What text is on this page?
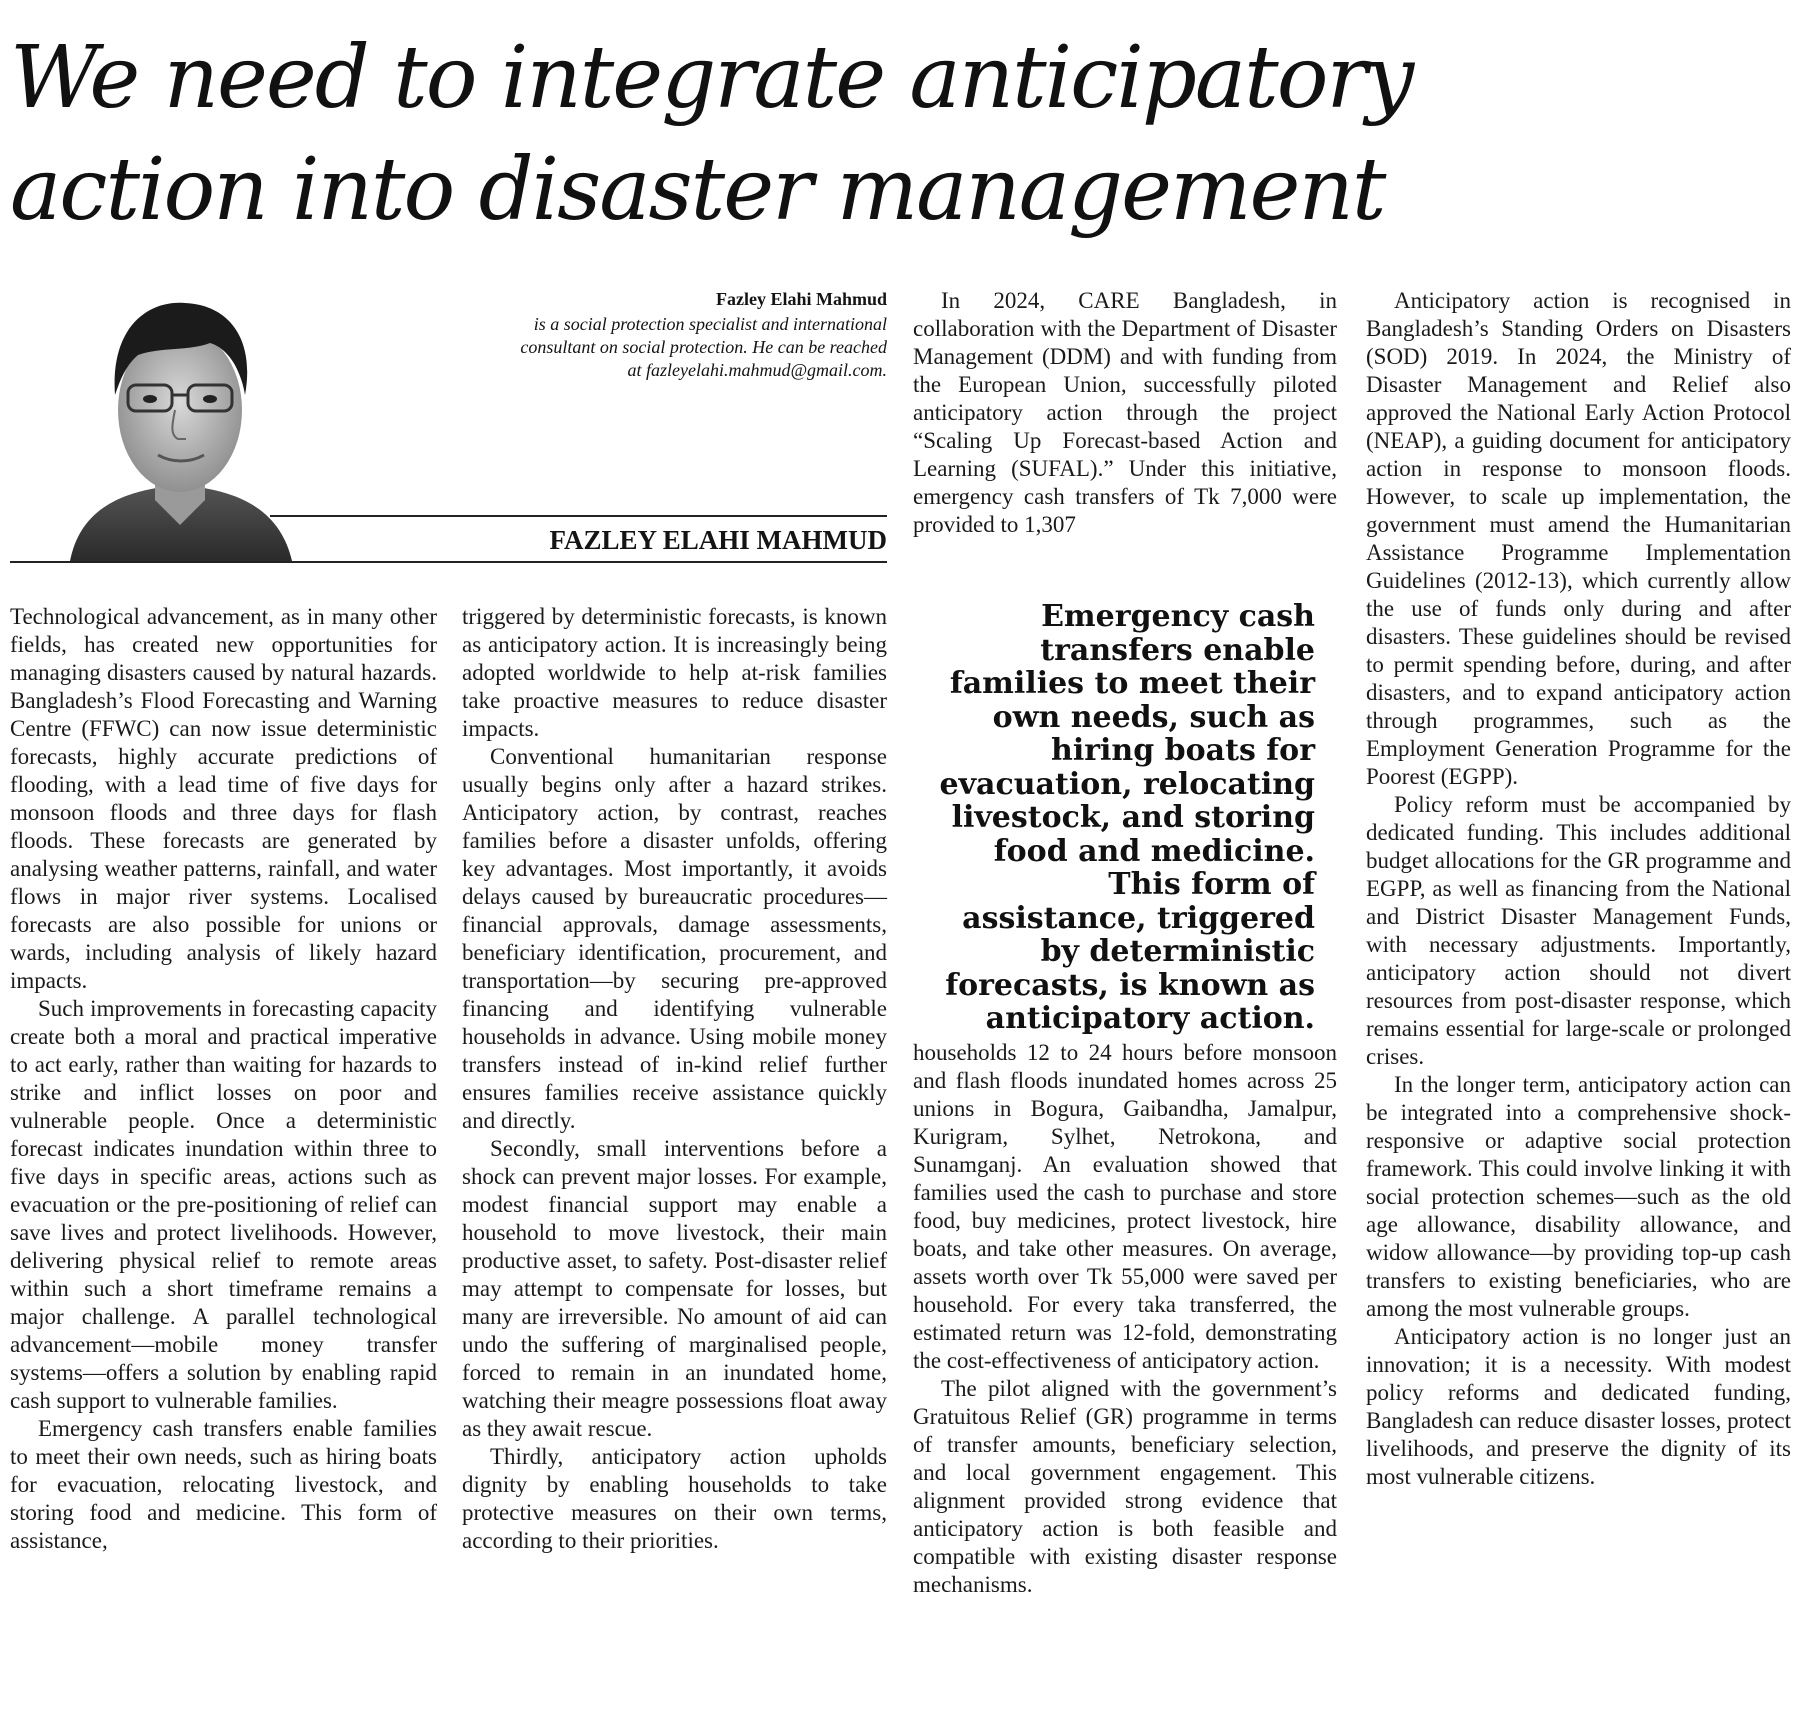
We need to integrate anticipatory
action into disaster management
Fazley Elahi Mahmud
is a social protection specialist and international
consultant on social protection. He can be reached
at fazleyelahi.mahmud@gmail.com.
FAZLEY ELAHI MAHMUD

Technological advancement, as in many other fields, has created new opportunities for managing disasters caused by natural hazards. Bangladesh’s Flood Forecasting and Warning Centre (FFWC) can now issue deterministic forecasts, highly accurate predictions of flooding, with a lead time of five days for monsoon floods and three days for flash floods. These forecasts are generated by analysing weather patterns, rainfall, and water flows in major river systems. Localised forecasts are also possible for unions or wards, including analysis of likely hazard impacts.

Such improvements in forecasting capacity create both a moral and practical imperative to act early, rather than waiting for hazards to strike and inflict losses on poor and vulnerable people. Once a deterministic forecast indicates inundation within three to five days in specific areas, actions such as evacuation or the pre-positioning of relief can save lives and protect livelihoods. However, delivering physical relief to remote areas within such a short timeframe remains a major challenge. A parallel technological advancement—mobile money transfer systems—offers a solution by enabling rapid cash support to vulnerable families.

Emergency cash transfers enable families to meet their own needs, such as hiring boats for evacuation, relocating livestock, and storing food and medicine. This form of assistance,

triggered by deterministic forecasts, is known as anticipatory action. It is increasingly being adopted worldwide to help at-risk families take proactive measures to reduce disaster impacts.

Conventional humanitarian response usually begins only after a hazard strikes. Anticipatory action, by contrast, reaches families before a disaster unfolds, offering key advantages. Most importantly, it avoids delays caused by bureaucratic procedures—financial approvals, damage assessments, beneficiary identification, procurement, and transportation—by securing pre-approved financing and identifying vulnerable households in advance. Using mobile money transfers instead of in-kind relief further ensures families receive assistance quickly and directly.

Secondly, small interventions before a shock can prevent major losses. For example, modest financial support may enable a household to move livestock, their main productive asset, to safety. Post-disaster relief may attempt to compensate for losses, but many are irreversible. No amount of aid can undo the suffering of marginalised people, forced to remain in an inundated home, watching their meagre possessions float away as they await rescue.

Thirdly, anticipatory action upholds dignity by enabling households to take protective measures on their own terms, according to their priorities.

In 2024, CARE Bangladesh, in collaboration with the Department of Disaster Management (DDM) and with funding from the European Union, successfully piloted anticipatory action through the project “Scaling Up Forecast-based Action and Learning (SUFAL).” Under this initiative, emergency cash transfers of Tk 7,000 were provided to 1,307

Emergency cash transfers enable families to meet their own needs, such as hiring boats for evacuation, relocating livestock, and storing food and medicine. This form of assistance, triggered by deterministic forecasts, is known as anticipatory action.

households 12 to 24 hours before monsoon and flash floods inundated homes across 25 unions in Bogura, Gaibandha, Jamalpur, Kurigram, Sylhet, Netrokona, and Sunamganj. An evaluation showed that families used the cash to purchase and store food, buy medicines, protect livestock, hire boats, and take other measures. On average, assets worth over Tk 55,000 were saved per household. For every taka transferred, the estimated return was 12-fold, demonstrating the cost-effectiveness of anticipatory action.

The pilot aligned with the government’s Gratuitous Relief (GR) programme in terms of transfer amounts, beneficiary selection, and local government engagement. This alignment provided strong evidence that anticipatory action is both feasible and compatible with existing disaster response mechanisms.

Anticipatory action is recognised in Bangladesh’s Standing Orders on Disasters (SOD) 2019. In 2024, the Ministry of Disaster Management and Relief also approved the National Early Action Protocol (NEAP), a guiding document for anticipatory action in response to monsoon floods. However, to scale up implementation, the government must amend the Humanitarian Assistance Programme Implementation Guidelines (2012-13), which currently allow the use of funds only during and after disasters. These guidelines should be revised to permit spending before, during, and after disasters, and to expand anticipatory action through programmes, such as the Employment Generation Programme for the Poorest (EGPP).

Policy reform must be accompanied by dedicated funding. This includes additional budget allocations for the GR programme and EGPP, as well as financing from the National and District Disaster Management Funds, with necessary adjustments. Importantly, anticipatory action should not divert resources from post-disaster response, which remains essential for large-scale or prolonged crises.

In the longer term, anticipatory action can be integrated into a comprehensive shock-responsive or adaptive social protection framework. This could involve linking it with social protection schemes—such as the old age allowance, disability allowance, and widow allowance—by providing top-up cash transfers to existing beneficiaries, who are among the most vulnerable groups.

Anticipatory action is no longer just an innovation; it is a necessity. With modest policy reforms and dedicated funding, Bangladesh can reduce disaster losses, protect livelihoods, and preserve the dignity of its most vulnerable citizens.
